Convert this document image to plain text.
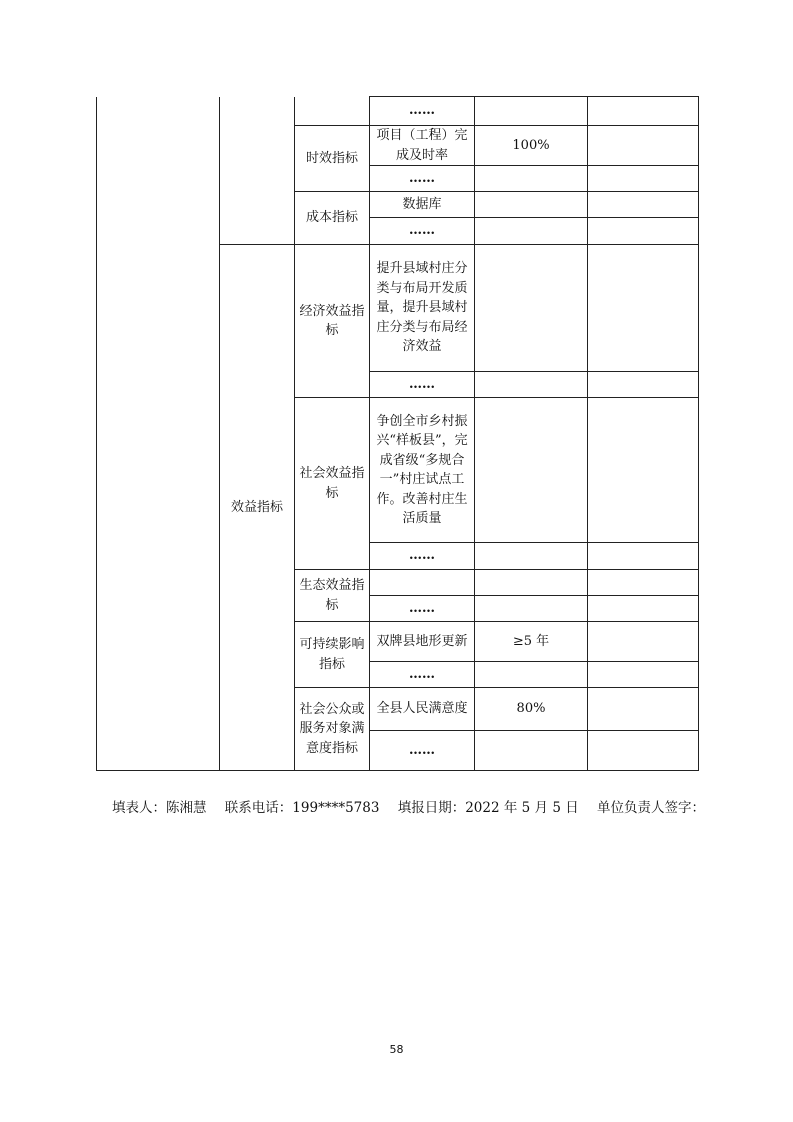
			……		
		时效指标	项目（工程）完成及时率	100%	
			……		
		成本指标	数据库		
			……		
	效益指标	经济效益指标	提升县域村庄分类与布局开发质量，提升县域村庄分类与布局经济效益		
			……		
		社会效益指标	争创全市乡村振兴“样板县”，完成省级“多规合一”村庄试点工作。改善村庄生活质量		
			……		
		生态效益指标			
			……		
		可持续影响指标	双牌县地形更新	≥5 年	
			……		
		社会公众或服务对象满意度指标	全县人民满意度	80%	
			……		
填表人：陈湘慧 联系电话：199****5783 填报日期：2022 年 5 月 5 日 单位负责人签字：
58
